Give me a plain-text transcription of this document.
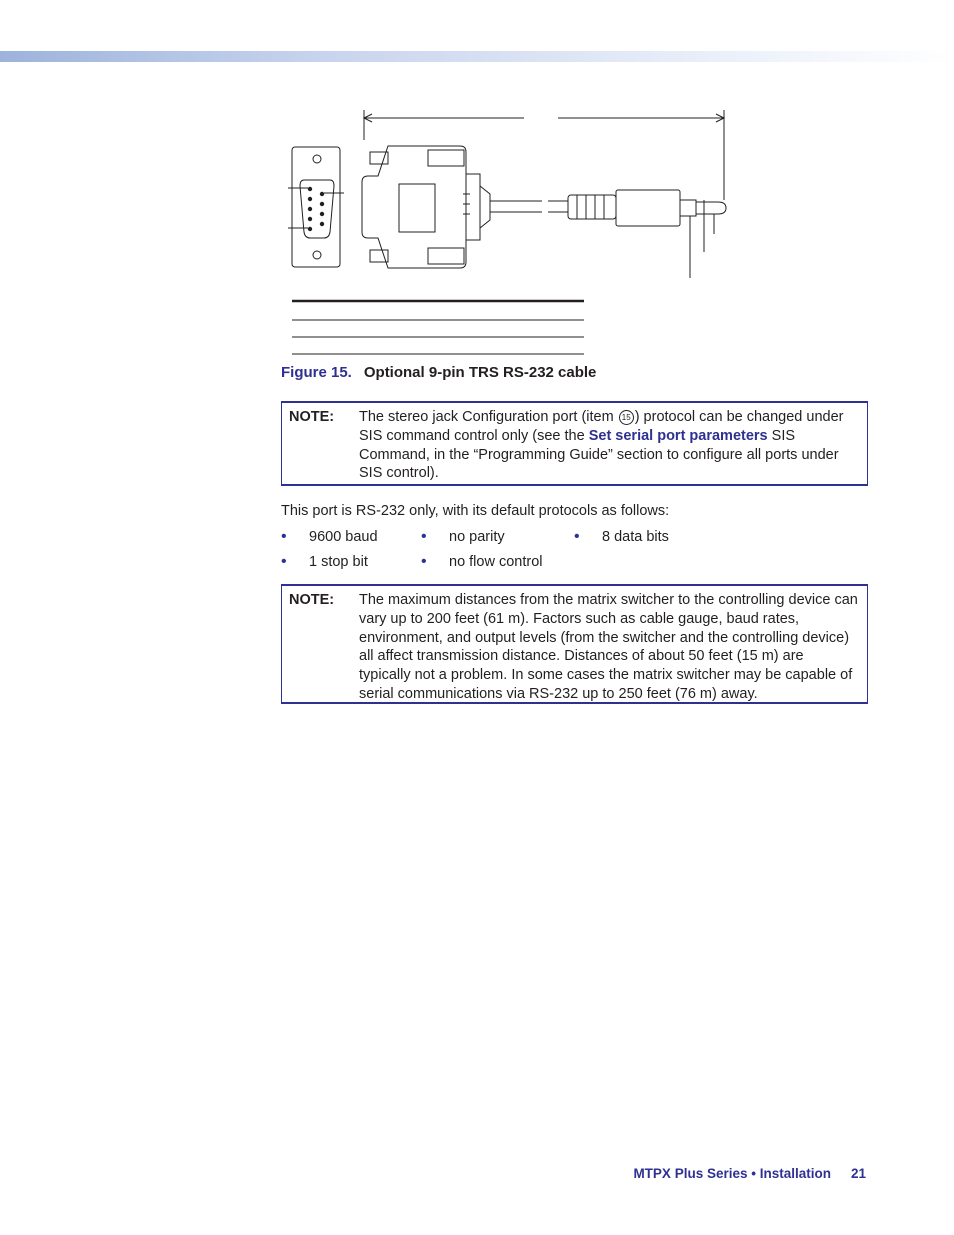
Figure 15. Optional 9-pin TRS RS-232 cable
NOTE: The stereo jack Configuration port (item 15 ) protocol can be changed under SIS command control only (see the Set serial port parameters SIS Command, in the “Programming Guide” section to configure all ports under SIS control).
This port is RS-232 only, with its default protocols as follows:
• 9600 baud	• no parity	• 8 data bits
• 1 stop bit	• no flow control
NOTE: The maximum distances from the matrix switcher to the controlling device can vary up to 200 feet (61 m). Factors such as cable gauge, baud rates, environment, and output levels (from the switcher and the controlling device) all affect transmission distance. Distances of about 50 feet (15 m) are typically not a problem. In some cases the matrix switcher may be capable of serial communications via RS-232 up to 250 feet (76 m) away.
MTPX Plus Series • Installation 21
